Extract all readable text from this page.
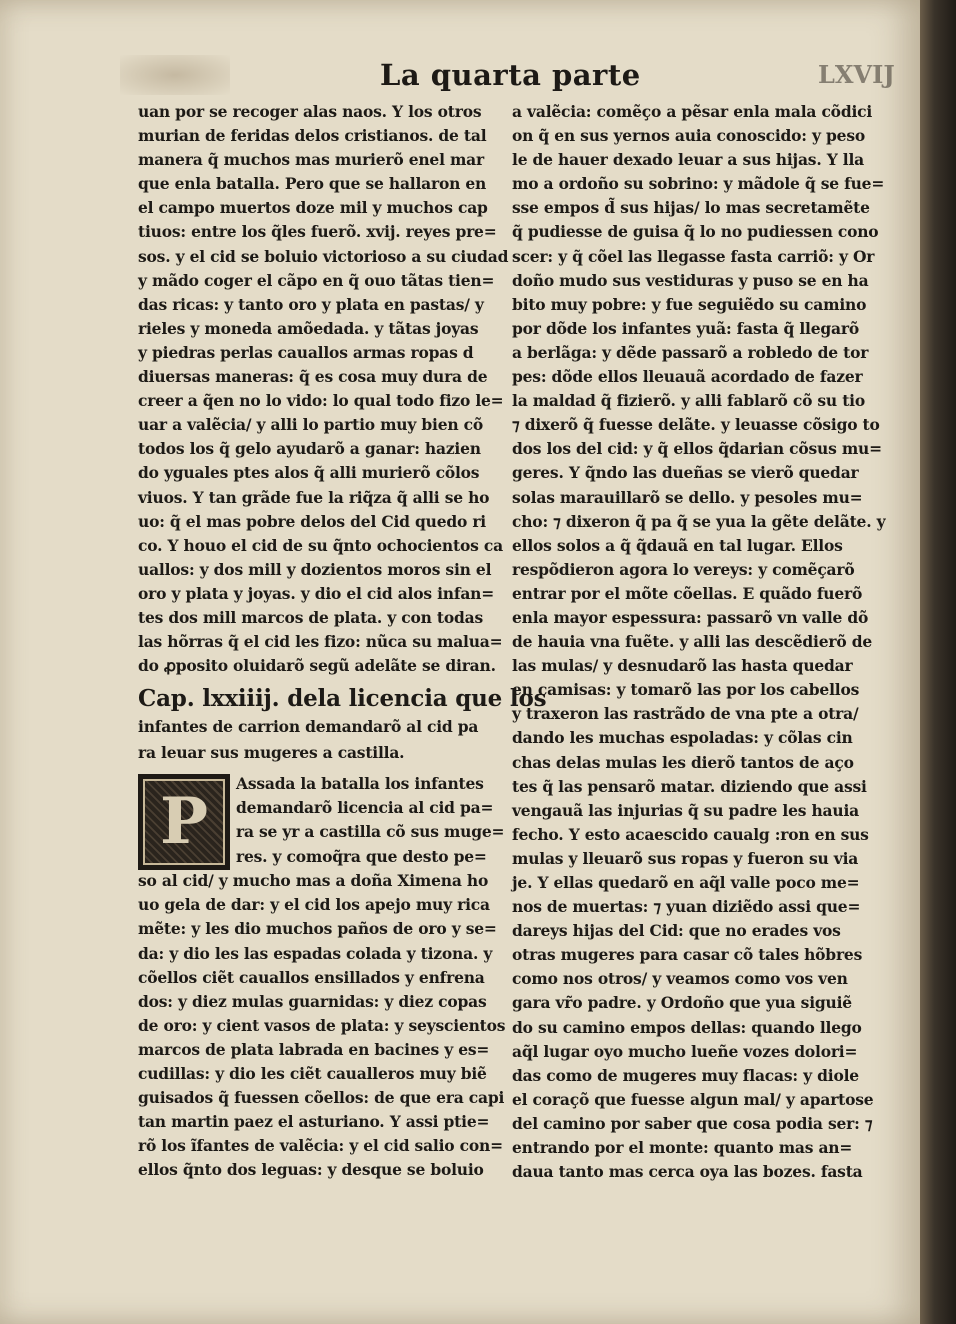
La quarta parte	LXVIJ
uan por se recoger alas naos. Y los otros
murian de feridas delos cristianos. de tal
manera q̃ muchos mas murierõ enel mar
que enla batalla. Pero que se hallaron en
el campo muertos doze mil y muchos cap
tiuos: entre los q̃les fuerõ. xvij. reyes pre=
sos. y el cid se boluio victorioso a su ciudad
y mãdo coger el cãpo en q̃ ouo tãtas tien=
das ricas: y tanto oro y plata en pastas/ y
rieles y moneda amõedada. y tãtas joyas
y piedras perlas cauallos armas ropas d
diuersas maneras: q̃ es cosa muy dura de
creer a q̃en no lo vido: lo qual todo fizo le=
uar a valẽcia/ y alli lo partio muy bien cõ
todos los q̃ gelo ayudarõ a ganar: hazien
do yguales ptes alos q̃ alli murierõ cõlos
viuos. Y tan grãde fue la riq̃za q̃ alli se ho
uo: q̃ el mas pobre delos del Cid quedo ri
co. Y houo el cid de su q̃nto ochocientos ca
uallos: y dos mill y dozientos moros sin el
oro y plata y joyas. y dio el cid alos infan=
tes dos mill marcos de plata. y con todas
las hõrras q̃ el cid les fizo: nũca su malua=
do ꝓposito oluidarõ segũ adelãte se diran.
Cap. lxxiiij. dela licencia que los
infantes de carrion demandarõ al cid pa
ra leuar sus mugeres a castilla.
P
Assada la batalla los infantes
demandarõ licencia al cid pa=
ra se yr a castilla cõ sus muge=
res. y comoq̃ra que desto pe=
so al cid/ y mucho mas a doña Ximena ho
uo gela de dar: y el cid los apejo muy rica
mẽte: y les dio muchos paños de oro y se=
da: y dio les las espadas colada y tizona. y
cõellos ciẽt cauallos ensillados y enfrena
dos: y diez mulas guarnidas: y diez copas
de oro: y cient vasos de plata: y seyscientos
marcos de plata labrada en bacines y es=
cudillas: y dio les ciẽt caualleros muy biẽ
guisados q̃ fuessen cõellos: de que era capi
tan martin paez el asturiano. Y assi ptie=
rõ los ĩfantes de valẽcia: y el cid salio con=
ellos q̃nto dos leguas: y desque se boluio
a valẽcia: comẽço a pẽsar enla mala cõdici
on q̃ en sus yernos auia conoscido: y peso
le de hauer dexado leuar a sus hijas. Y lla
mo a ordoño su sobrino: y mãdole q̃ se fue=
sse empos d̃ sus hijas/ lo mas secretamẽte
q̃ pudiesse de guisa q̃ lo no pudiessen cono
scer: y q̃ cõel las llegasse fasta carriõ: y Or
doño mudo sus vestiduras y puso se en ha
bito muy pobre: y fue seguiẽdo su camino
por dõde los infantes yuã: fasta q̃ llegarõ
a berlãga: y dẽde passarõ a robledo de tor
pes: dõde ellos lleuauã acordado de fazer
la maldad q̃ fizierõ. y alli fablarõ cõ su tio
⁊ dixerõ q̃ fuesse delãte. y leuasse cõsigo to
dos los del cid: y q̃ ellos q̃darian cõsus mu=
geres. Y q̃ndo las dueñas se vierõ quedar
solas marauillarõ se dello. y pesoles mu=
cho: ⁊ dixeron q̃ pa q̃ se yua la gẽte delãte. y
ellos solos a q̃ q̃dauã en tal lugar. Ellos
respõdieron agora lo vereys: y comẽçarõ
entrar por el mõte cõellas. E quãdo fuerõ
enla mayor espessura: passarõ vn valle dõ
de hauia vna fuẽte. y alli las descẽdierõ de
las mulas/ y desnudarõ las hasta quedar
en camisas: y tomarõ las por los cabellos
y traxeron las rastrãdo de vna pte a otra/
dando les muchas espoladas: y cõlas cin
chas delas mulas les dierõ tantos de aço
tes q̃ las pensarõ matar. diziendo que assi
vengauã las injurias q̃ su padre les hauia
fecho. Y esto acaescido caualg :ron en sus
mulas y lleuarõ sus ropas y fueron su via
je. Y ellas quedarõ en aq̃l valle poco me=
nos de muertas: ⁊ yuan diziẽdo assi que=
dareys hijas del Cid: que no erades vos
otras mugeres para casar cõ tales hõbres
como nos otros/ y veamos como vos ven
gara vr̃o padre. y Ordoño que yua siguiẽ
do su camino empos dellas: quando llego
aq̃l lugar oyo mucho lueñe vozes dolori=
das como de mugeres muy flacas: y diole
el coraçõ que fuesse algun mal/ y apartose
del camino por saber que cosa podia ser: ⁊
entrando por el monte: quanto mas an=
daua tanto mas cerca oya las bozes. fasta
